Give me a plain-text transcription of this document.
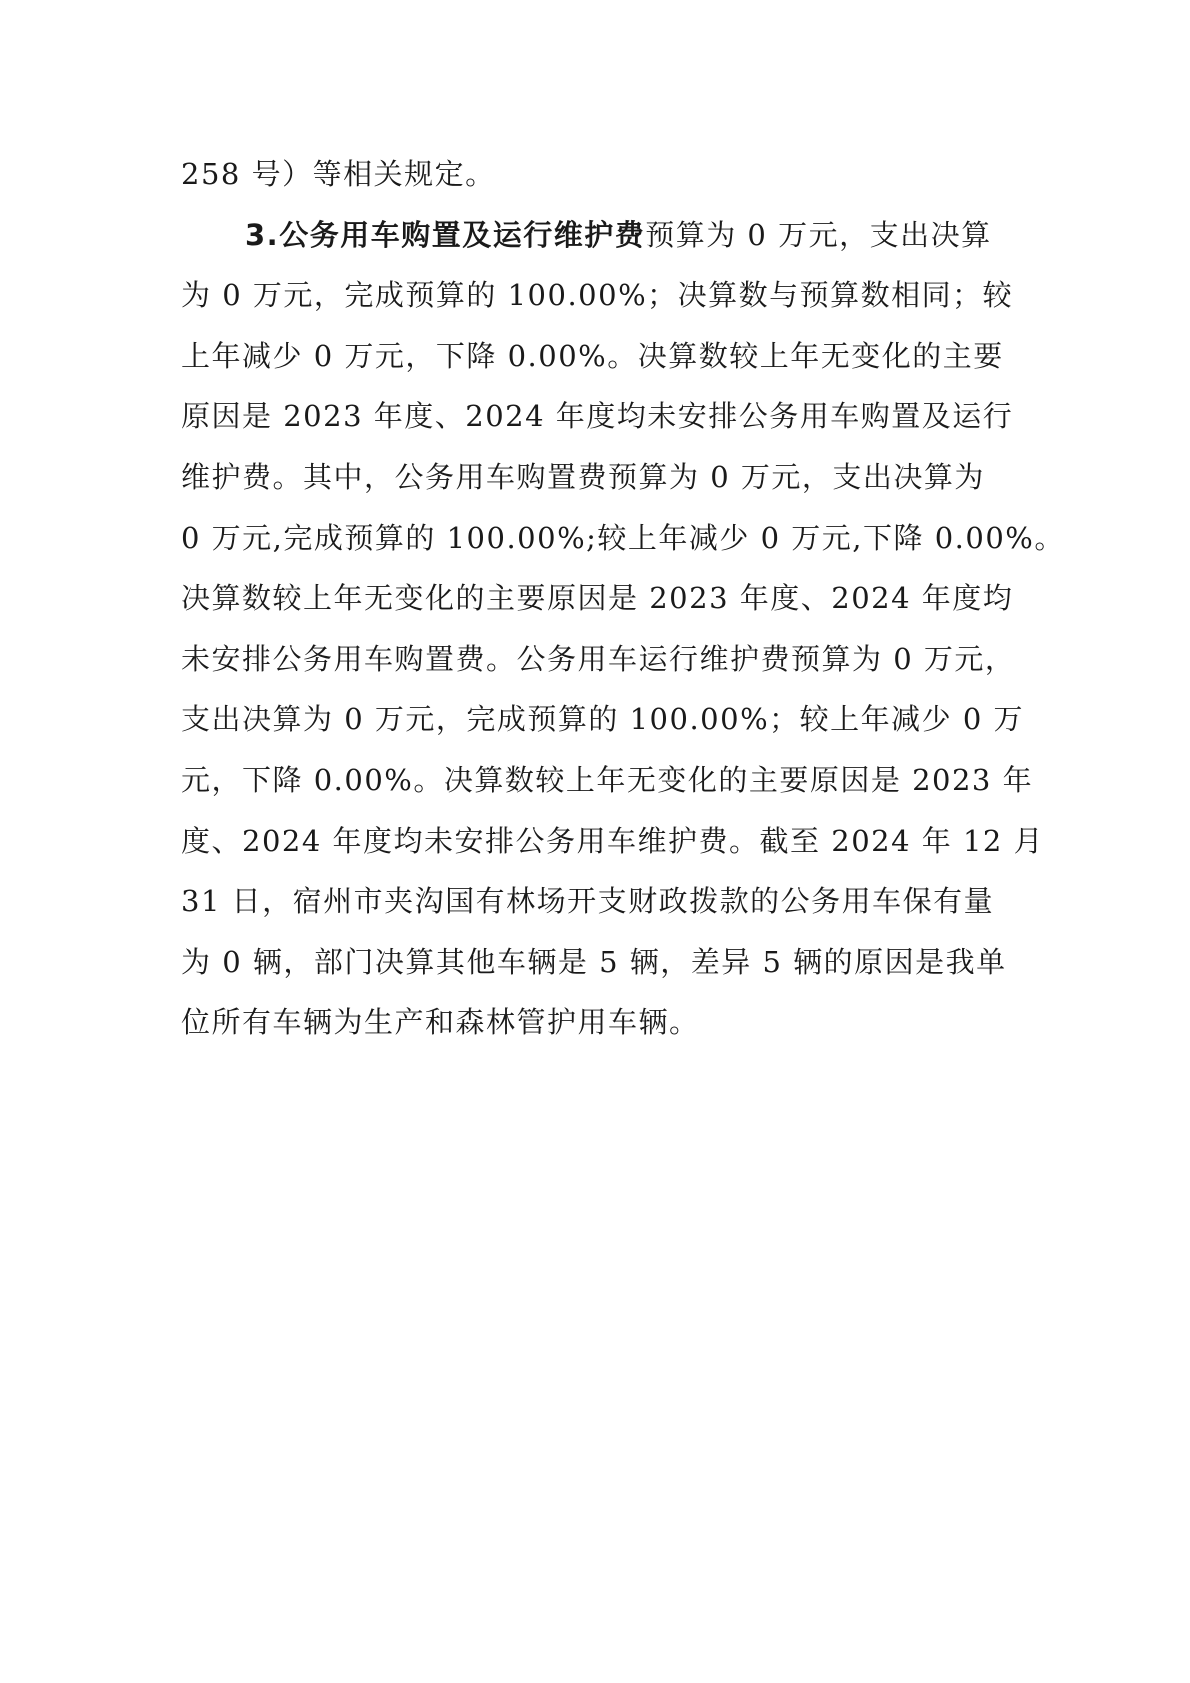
258 号）等相关规定。
3.公务用车购置及运行维护费预算为 0 万元，支出决算
为 0 万元，完成预算的 100.00%；决算数与预算数相同；较
上年减少 0 万元，下降 0.00%。决算数较上年无变化的主要
原因是 2023 年度、2024 年度均未安排公务用车购置及运行
维护费。其中，公务用车购置费预算为 0 万元，支出决算为
0 万元,完成预算的 100.00%;较上年减少 0 万元,下降 0.00%。
决算数较上年无变化的主要原因是 2023 年度、2024 年度均
未安排公务用车购置费。公务用车运行维护费预算为 0 万元，
支出决算为 0 万元，完成预算的 100.00%；较上年减少 0 万
元，下降 0.00%。决算数较上年无变化的主要原因是 2023 年
度、2024 年度均未安排公务用车维护费。截至 2024 年 12 月
31 日，宿州市夹沟国有林场开支财政拨款的公务用车保有量
为 0 辆，部门决算其他车辆是 5 辆，差异 5 辆的原因是我单
位所有车辆为生产和森林管护用车辆。
